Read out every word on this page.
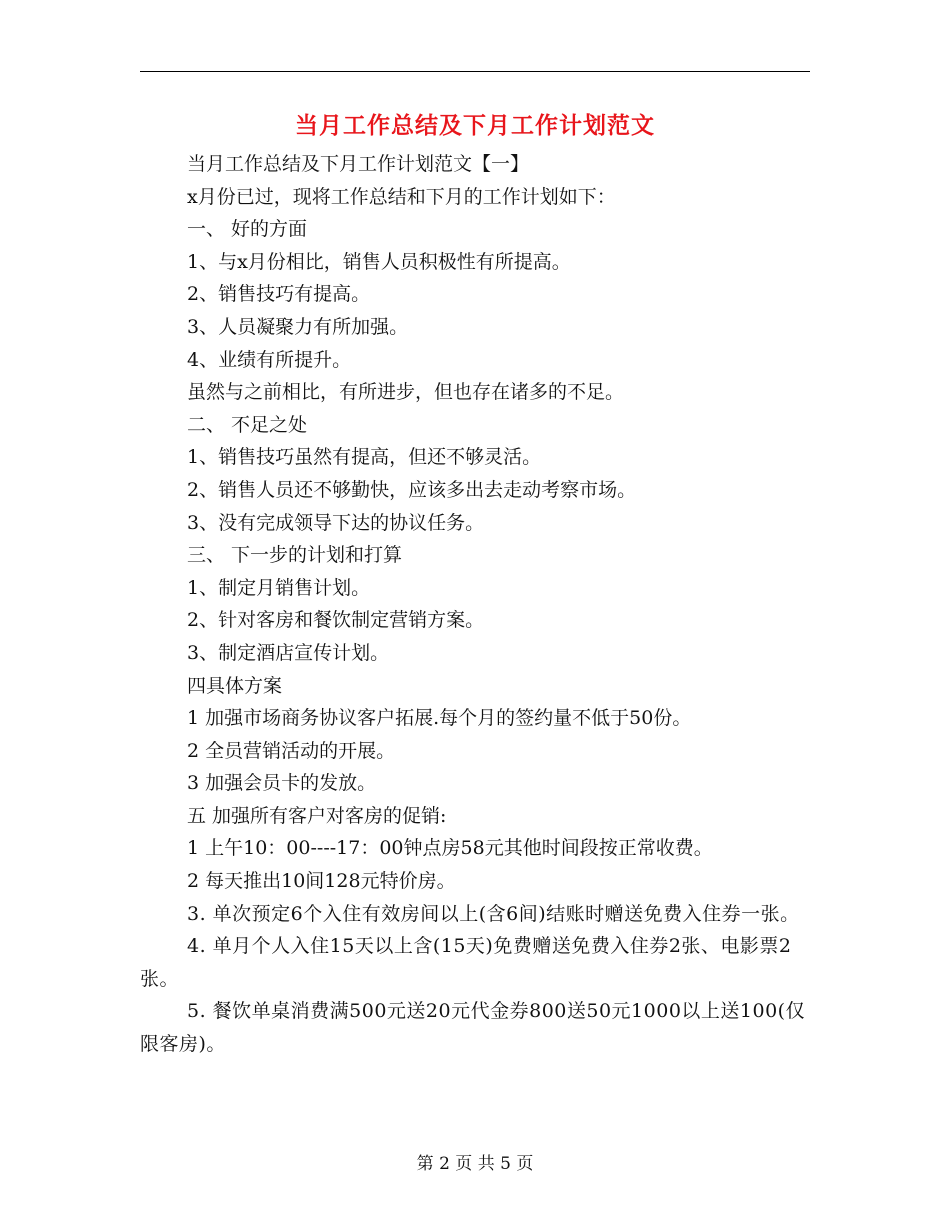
当月工作总结及下月工作计划范文
当月工作总结及下月工作计划范文【一】
x月份已过，现将工作总结和下月的工作计划如下：
一、 好的方面
1、与x月份相比，销售人员积极性有所提高。
2、销售技巧有提高。
3、人员凝聚力有所加强。
4、业绩有所提升。
虽然与之前相比，有所进步，但也存在诸多的不足。
二、 不足之处
1、销售技巧虽然有提高，但还不够灵活。
2、销售人员还不够勤快，应该多出去走动考察市场。
3、没有完成领导下达的协议任务。
三、 下一步的计划和打算
1、制定月销售计划。
2、针对客房和餐饮制定营销方案。
3、制定酒店宣传计划。
四具体方案
1 加强市场商务协议客户拓展.每个月的签约量不低于50份。
2 全员营销活动的开展。
3 加强会员卡的发放。
五 加强所有客户对客房的促销:
1 上午10：00----17：00钟点房58元其他时间段按正常收费。
2 每天推出10间128元特价房。
3. 单次预定6个入住有效房间以上(含6间)结账时赠送免费入住券一张。
4. 单月个人入住15天以上含(15天)免费赠送免费入住券2张、电影票2张。
5. 餐饮单桌消费满500元送20元代金券800送50元1000以上送100(仅限客房)。
第 2 页 共 5 页
